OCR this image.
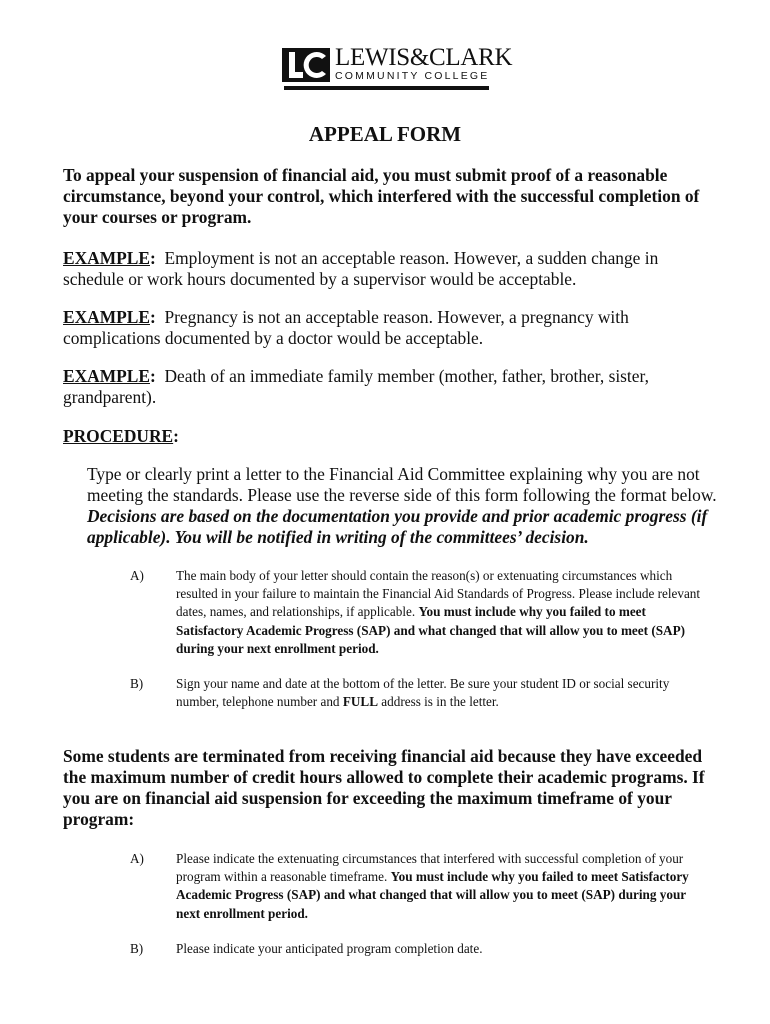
LEWIS&CLARK
COMMUNITY COLLEGE
APPEAL FORM
To appeal your suspension of financial aid, you must submit proof of a reasonable circumstance, beyond your control, which interfered with the successful completion of your courses or program.
EXAMPLE: Employment is not an acceptable reason. However, a sudden change in schedule or work hours documented by a supervisor would be acceptable.
EXAMPLE: Pregnancy is not an acceptable reason. However, a pregnancy with complications documented by a doctor would be acceptable.
EXAMPLE: Death of an immediate family member (mother, father, brother, sister, grandparent).
PROCEDURE:
Type or clearly print a letter to the Financial Aid Committee explaining why you are not meeting the standards. Please use the reverse side of this form following the format below. Decisions are based on the documentation you provide and prior academic progress (if applicable). You will be notified in writing of the committees’ decision.
A)	The main body of your letter should contain the reason(s) or extenuating circumstances which resulted in your failure to maintain the Financial Aid Standards of Progress. Please include relevant dates, names, and relationships, if applicable. You must include why you failed to meet Satisfactory Academic Progress (SAP) and what changed that will allow you to meet (SAP) during your next enrollment period.
B)	Sign your name and date at the bottom of the letter. Be sure your student ID or social security number, telephone number and FULL address is in the letter.
Some students are terminated from receiving financial aid because they have exceeded the maximum number of credit hours allowed to complete their academic programs. If you are on financial aid suspension for exceeding the maximum timeframe of your program:
A)	Please indicate the extenuating circumstances that interfered with successful completion of your program within a reasonable timeframe. You must include why you failed to meet Satisfactory Academic Progress (SAP) and what changed that will allow you to meet (SAP) during your next enrollment period.
B)	Please indicate your anticipated program completion date.
